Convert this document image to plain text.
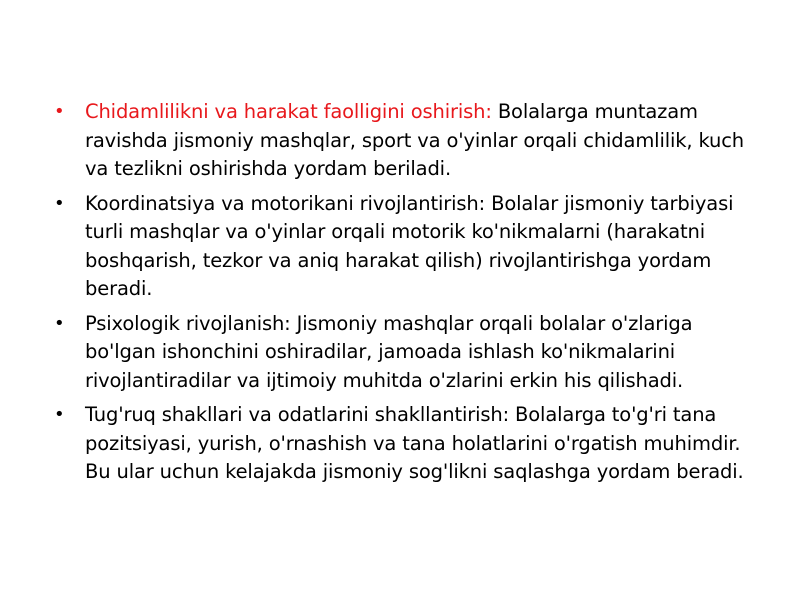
• Chidamlilikni va harakat faolligini oshirish: Bolalarga muntazam ravishda jismoniy mashqlar, sport va o'yinlar orqali chidamlilik, kuch va tezlikni oshirishda yordam beriladi.
• Koordinatsiya va motorikani rivojlantirish: Bolalar jismoniy tarbiyasi turli mashqlar va o'yinlar orqali motorik ko'nikmalarni (harakatni boshqarish, tezkor va aniq harakat qilish) rivojlantirishga yordam beradi.
• Psixologik rivojlanish: Jismoniy mashqlar orqali bolalar o'zlariga bo'lgan ishonchini oshiradilar, jamoada ishlash ko'nikmalarini rivojlantiradilar va ijtimoiy muhitda o'zlarini erkin his qilishadi.
• Tug'ruq shakllari va odatlarini shakllantirish: Bolalarga to'g'ri tana pozitsiyasi, yurish, o'rnashish va tana holatlarini o'rgatish muhimdir. Bu ular uchun kelajakda jismoniy sog'likni saqlashga yordam beradi.
